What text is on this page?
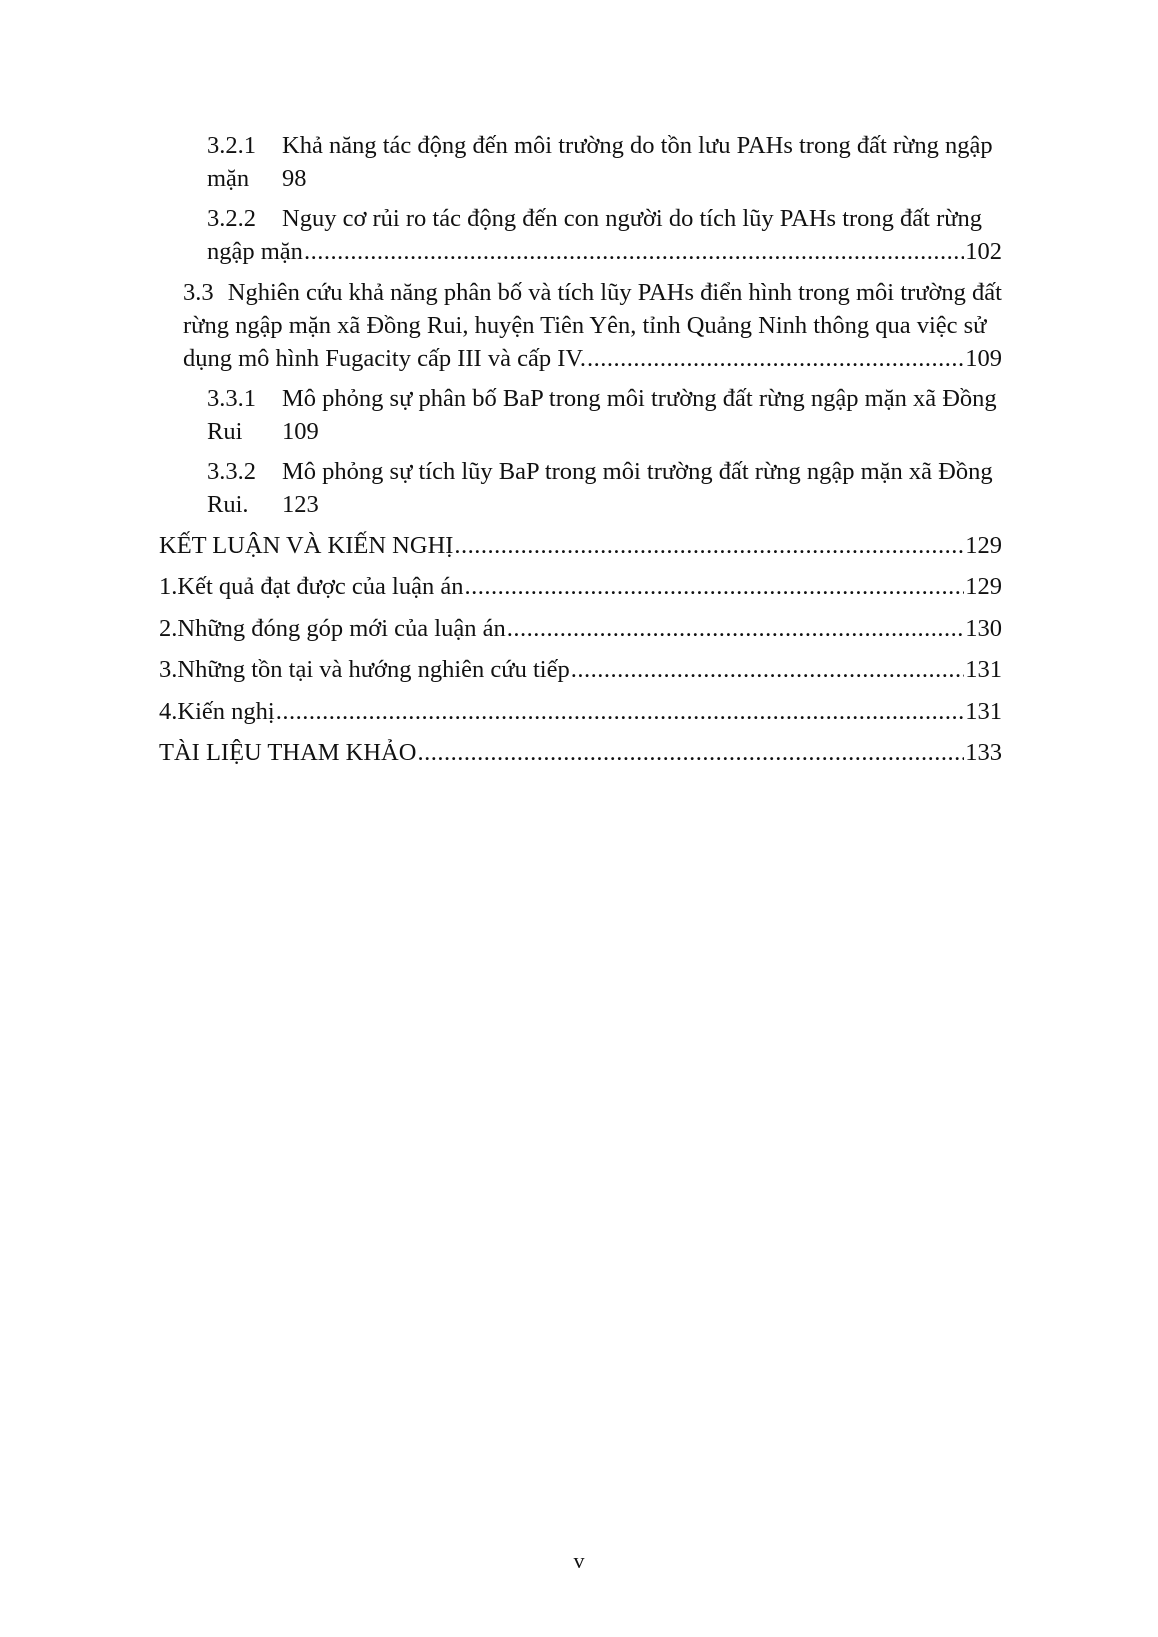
3.2.1	Khả năng tác động đến môi trường do tồn lưu PAHs trong đất rừng ngập
mặn	98
3.2.2	Nguy cơ rủi ro tác động đến con người do tích lũy PAHs trong đất rừng
ngập mặn .....	102
3.3 Nghiên cứu khả năng phân bố và tích lũy PAHs điển hình trong môi trường đất
rừng ngập mặn xã Đồng Rui, huyện Tiên Yên, tỉnh Quảng Ninh thông qua việc sử
dụng mô hình Fugacity cấp III và cấp IV. .....	109
3.3.1	Mô phỏng sự phân bố BaP trong môi trường đất rừng ngập mặn xã Đồng
Rui	109
3.3.2	Mô phỏng sự tích lũy BaP trong môi trường đất rừng ngập mặn xã Đồng
Rui.	123
KẾT LUẬN VÀ KIẾN NGHỊ .....	129
1. Kết quả đạt được của luận án .....	129
2. Những đóng góp mới của luận án .....	130
3. Những tồn tại và hướng nghiên cứu tiếp .....	131
4. Kiến nghị .....	131
TÀI LIỆU THAM KHẢO .....	133
v
